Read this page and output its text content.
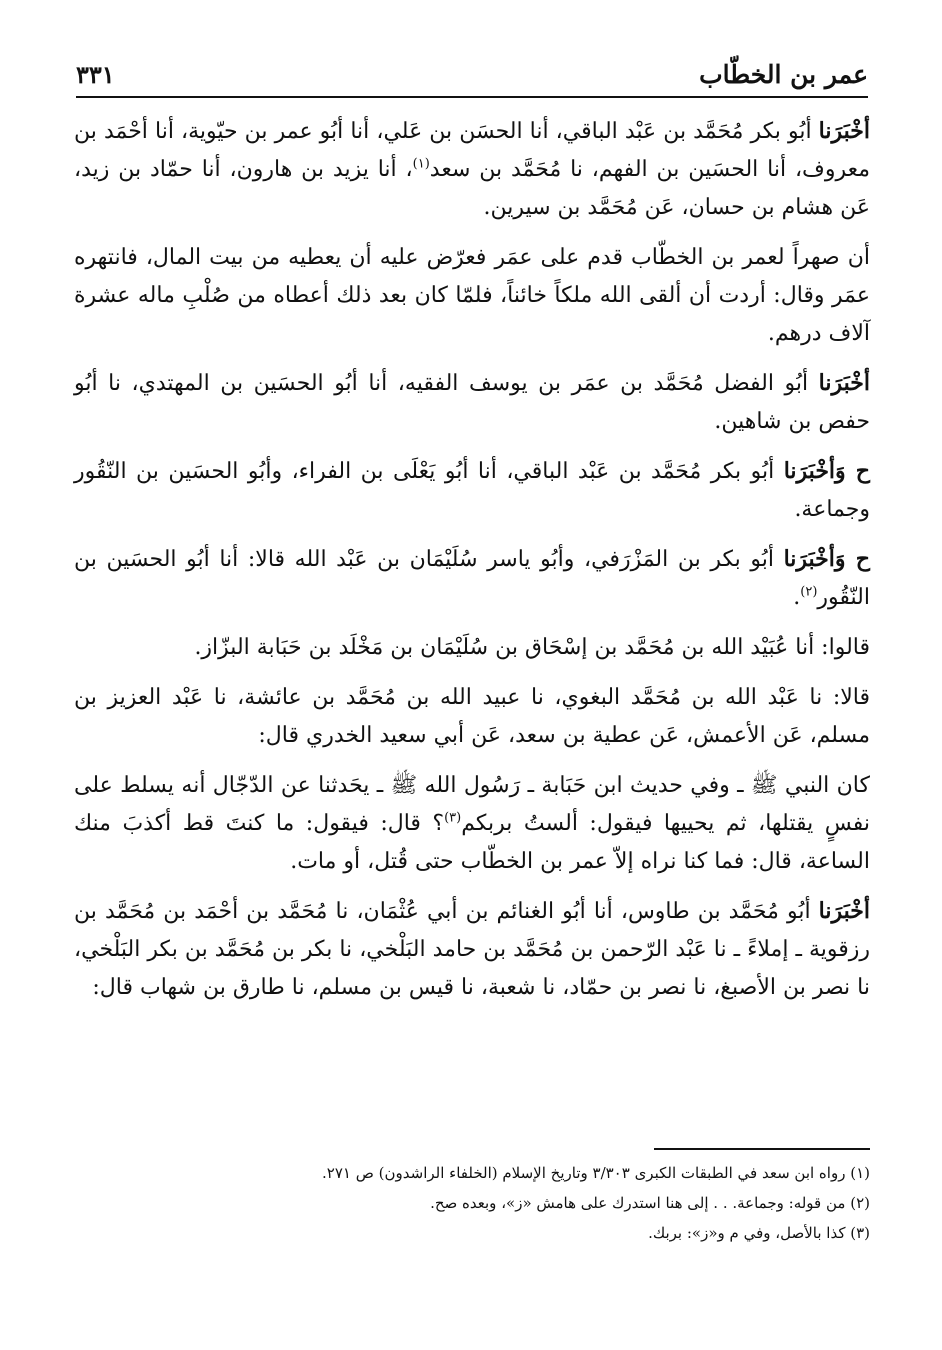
عمر بن الخطّاب
٣٣١

أخْبَرَنا أبُو بكر مُحَمَّد بن عَبْد الباقي، أنا الحسَن بن عَلي، أنا أبُو عمر بن حيّوية، أنا أحْمَد بن معروف، أنا الحسَين بن الفهم، نا مُحَمَّد بن سعد$^{(١)}$، أنا يزيد بن هارون، أنا حمّاد بن زيد، عَن هشام بن حسان، عَن مُحَمَّد بن سيرين.

أن صهراً لعمر بن الخطّاب قدم على عمَر فعرّض عليه أن يعطيه من بيت المال، فانتهره عمَر وقال: أردت أن ألقى الله ملكاً خائناً، فلمّا كان بعد ذلك أعطاه من صُلْبِ ماله عشرة آلاف درهم.

أخْبَرَنا أبُو الفضل مُحَمَّد بن عمَر بن يوسف الفقيه، أنا أبُو الحسَين بن المهتدي، نا أبُو حفص بن شاهين.

ح وَأخْبَرَنا أبُو بكر مُحَمَّد بن عَبْد الباقي، أنا أبُو يَعْلَى بن الفراء، وأبُو الحسَين بن النّقُور وجماعة.

ح وَأخْبَرَنا أبُو بكر بن المَزْرَفي، وأبُو ياسر سُلَيْمَان بن عَبْد الله قالا: أنا أبُو الحسَين بن النّقُور$^{(٢)}$.

قالوا: أنا عُبَيْد الله بن مُحَمَّد بن إسْحَاق بن سُلَيْمَان بن مَخْلَد بن حَبَابة البزّاز.

قالا: نا عَبْد الله بن مُحَمَّد البغوي، نا عبيد الله بن مُحَمَّد بن عائشة، نا عَبْد العزيز بن مسلم، عَن الأعمش، عَن عطية بن سعد، عَن أبي سعيد الخدري قال:

كان النبي ﷺ ـ وفي حديث ابن حَبَابة ـ رَسُول الله ﷺ ـ يحَدثنا عن الدّجّال أنه يسلط على نفسٍ يقتلها، ثم يحييها فيقول: ألستُ بربكم$^{(٣)}$؟ قال: فيقول: ما كنتَ قط أكذبَ منك الساعة، قال: فما كنا نراه إلاّ عمر بن الخطّاب حتى قُتل، أو مات.

أخْبَرَنا أبُو مُحَمَّد بن طاوس، أنا أبُو الغنائم بن أبي عُثْمَان، نا مُحَمَّد بن أحْمَد بن مُحَمَّد بن رزقوية ـ إملاءً ـ نا عَبْد الرّحمن بن مُحَمَّد بن حامد البَلْخي، نا بكر بن مُحَمَّد بن بكر البَلْخي، نا نصر بن الأصبغ، نا نصر بن حمّاد، نا شعبة، نا قيس بن مسلم، نا طارق بن شهاب قال:

(١) رواه ابن سعد في الطبقات الكبرى ٣/٣٠٣ وتاريخ الإسلام (الخلفاء الراشدون) ص ٢٧١.

(٢) من قوله: وجماعة. . . إلى هنا استدرك على هامش «ز»، وبعده صح.

(٣) كذا بالأصل، وفي م و«ز»: بربك.
